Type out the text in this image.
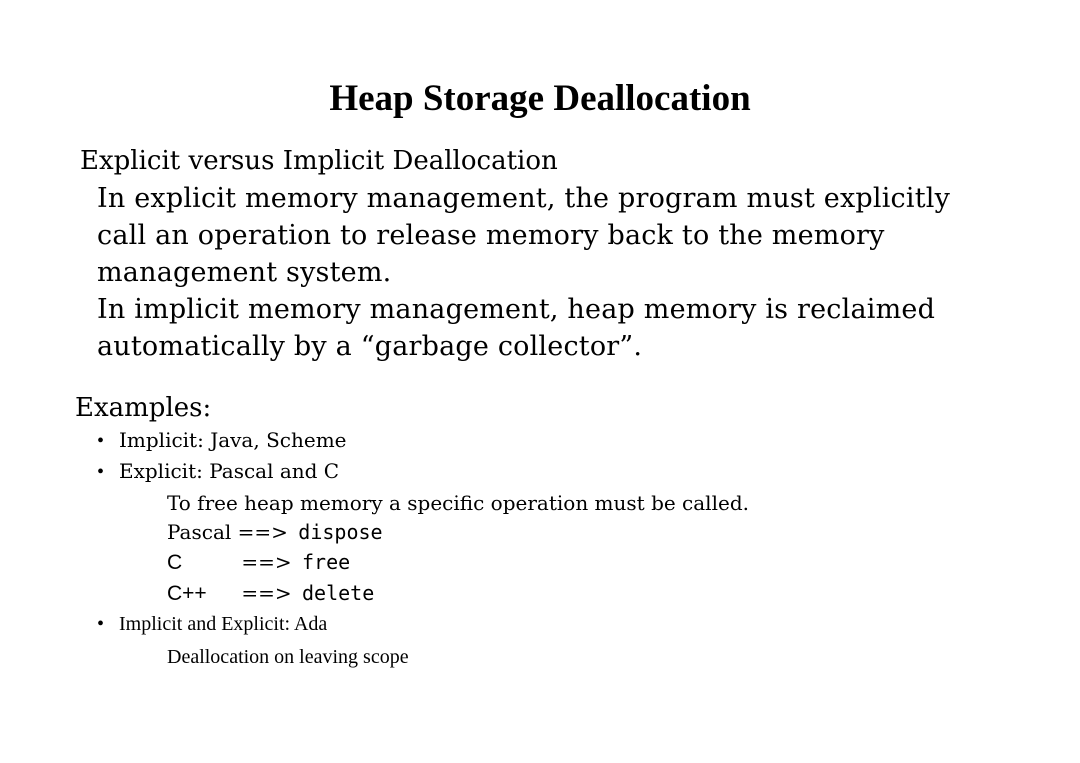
Heap Storage Deallocation
Explicit versus Implicit Deallocation
In explicit memory management, the program must explicitly
call an operation to release memory back to the memory
management system.
In implicit memory management, heap memory is reclaimed
automatically by a “garbage collector”.
Examples:
• Implicit: Java, Scheme
• Explicit: Pascal and C
To free heap memory a specific operation must be called.
Pascal ==> dispose
C	==> free
C++ ==> delete
• Implicit and Explicit: Ada
Deallocation on leaving scope
